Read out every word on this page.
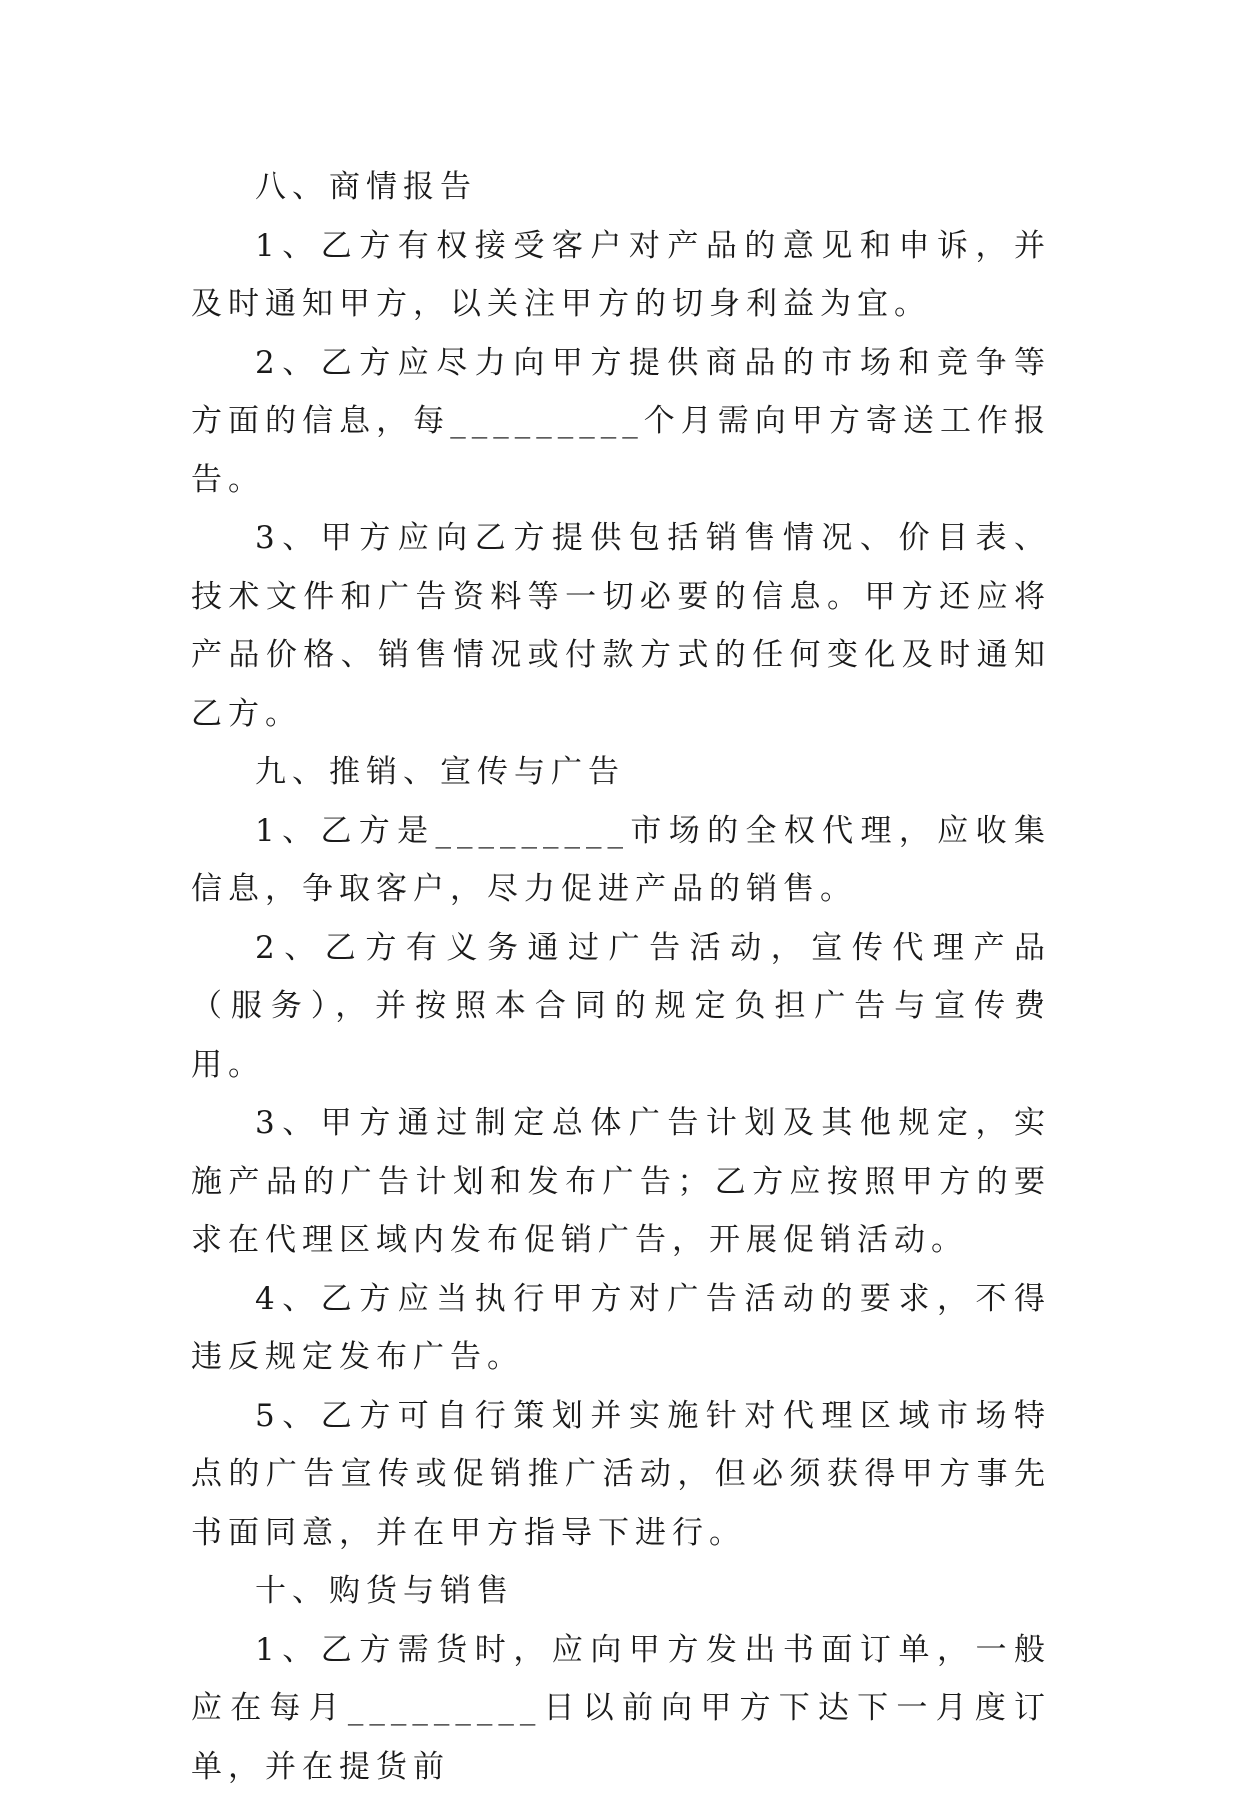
八、商情报告

1、乙方有权接受客户对产品的意见和申诉，并及时通知甲方，以关注甲方的切身利益为宜。

2、乙方应尽力向甲方提供商品的市场和竞争等方面的信息，每_________个月需向甲方寄送工作报告。

3、甲方应向乙方提供包括销售情况、价目表、技术文件和广告资料等一切必要的信息。甲方还应将产品价格、销售情况或付款方式的任何变化及时通知乙方。

九、推销、宣传与广告

1、乙方是_________市场的全权代理，应收集信息，争取客户，尽力促进产品的销售。

2、乙方有义务通过广告活动，宣传代理产品（服务），并按照本合同的规定负担广告与宣传费用。

3、甲方通过制定总体广告计划及其他规定，实施产品的广告计划和发布广告；乙方应按照甲方的要求在代理区域内发布促销广告，开展促销活动。

4、乙方应当执行甲方对广告活动的要求，不得违反规定发布广告。

5、乙方可自行策划并实施针对代理区域市场特点的广告宣传或促销推广活动，但必须获得甲方事先书面同意，并在甲方指导下进行。

十、购货与销售

1、乙方需货时，应向甲方发出书面订单，一般应在每月_________日以前向甲方下达下一月度订单，并在提货前
